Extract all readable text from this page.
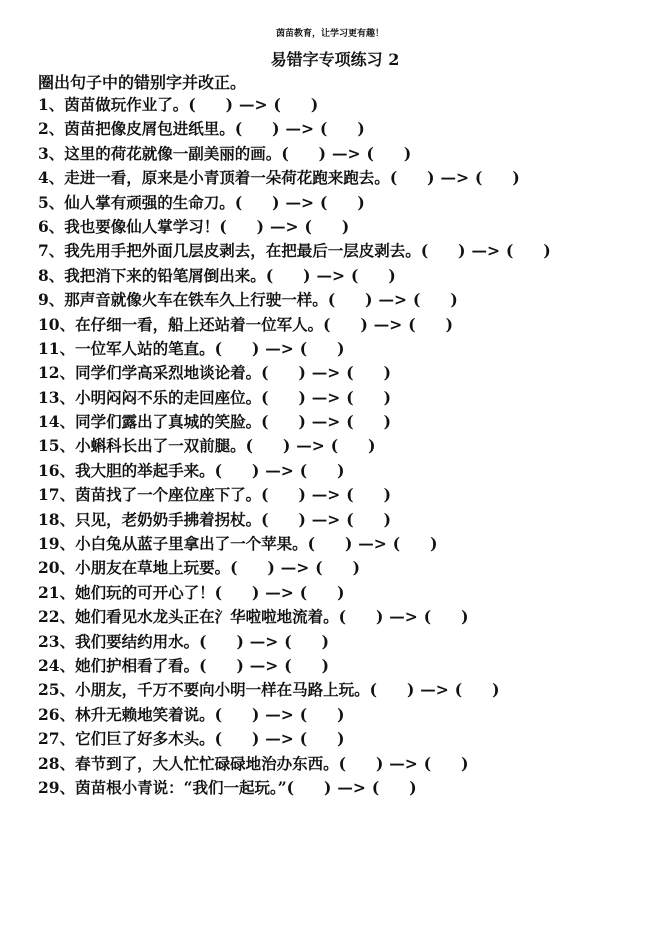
茵苗教育，让学习更有趣！
易错字专项练习 2
圈出句子中的错别字并改正。
1、茵苗做玩作业了。( ) —> ( )
2、茵苗把像皮屑包进纸里。( ) —> ( )
3、这里的荷花就像一副美丽的画。( ) —> ( )
4、走进一看，原来是小青顶着一朵荷花跑来跑去。( ) —> ( )
5、仙人掌有顽强的生命刀。( ) —> ( )
6、我也要像仙人掌学习！( ) —> ( )
7、我先用手把外面几层皮剥去，在把最后一层皮剥去。( ) —> ( )
8、我把消下来的铅笔屑倒出来。( ) —> ( )
9、那声音就像火车在铁车久上行驶一样。( ) —> ( )
10、在仔细一看，船上还站着一位军人。( ) —> ( )
11、一位军人站的笔直。( ) —> ( )
12、同学们学高采烈地谈论着。( ) —> ( )
13、小明闷闷不乐的走回座位。( ) —> ( )
14、同学们露出了真城的笑脸。( ) —> ( )
15、小蝌科长出了一双前腿。( ) —> ( )
16、我大胆的举起手来。( ) —> ( )
17、茵苗找了一个座位座下了。( ) —> ( )
18、只见，老奶奶手拂着拐杖。( ) —> ( )
19、小白兔从蓝子里拿出了一个苹果。( ) —> ( )
20、小朋友在草地上玩要。( ) —> ( )
21、她们玩的可开心了！( ) —> ( )
22、她们看见水龙头正在氵华啦啦地流着。( ) —> ( )
23、我们要结约用水。( ) —> ( )
24、她们护相看了看。( ) —> ( )
25、小朋友，千万不要向小明一样在马路上玩。( ) —> ( )
26、林升无赖地笑着说。( ) —> ( )
27、它们巨了好多木头。( ) —> ( )
28、春节到了，大人忙忙碌碌地治办东西。( ) —> ( )
29、茵苗根小青说：“我们一起玩。”( ) —> ( )
